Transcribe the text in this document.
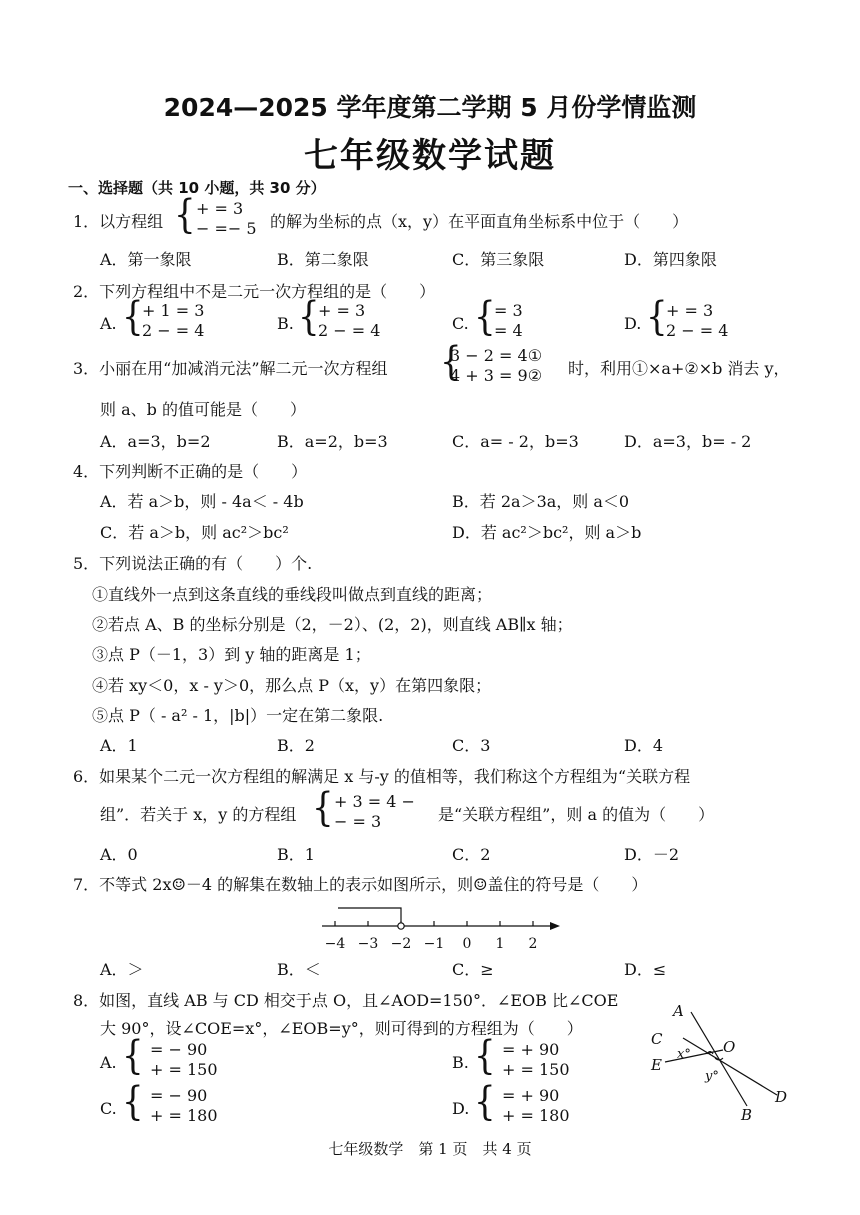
2024—2025 学年度第二学期 5 月份学情监测
七年级数学试题
一、选择题（共 10 小题，共 30 分）
1．以方程组 { + = 3
− =− 5 的解为坐标的点（x，y）在平面直角坐标系中位于（　　）
A．第一象限	B．第二象限	C．第三象限	D．第四象限
2．下列方程组中不是二元一次方程组的是（　　）
A. {
+ 1 = 3
2 − = 4	B. {
+ = 3
2 − = 4	C. {
= 3
= 4	D. {
+ = 3
2 − = 4
3．小丽在用“加减消元法”解二元一次方程组 {
3 − 2 = 4①
4 + 3 = 9② 时，利用①×a+②×b 消去 y，
则 a、b 的值可能是（　　）
A．a=3，b=2	B．a=2，b=3	C．a= - 2，b=3	D．a=3，b= - 2
4．下列判断不正确的是（　　）
A．若 a＞b，则 - 4a＜ - 4b	B．若 2a＞3a，则 a＜0
C．若 a＞b，则 ac²＞bc²	D．若 ac²＞bc²，则 a＞b
5．下列说法正确的有（　　）个.
①直线外一点到这条直线的垂线段叫做点到直线的距离；
②若点 A、B 的坐标分别是（2，－2）、(2，2)，则直线 AB∥x 轴；
③点 P（－1，3）到 y 轴的距离是 1；
④若 xy＜0，x - y＞0，那么点 P（x，y）在第四象限；
⑤点 P（ - a² - 1，|b|）一定在第二象限.
A．1	B．2	C．3	D．4
6．如果某个二元一次方程组的解满足 x 与-y 的值相等，我们称这个方程组为“关联方程
组”．若关于 x，y 的方程组 { + 3 = 4 −
− = 3	是“关联方程组”，则 a 的值为（　　）
A．0	B．1	C．2	D．－2
7．不等式 2x☺－4 的解集在数轴上的表示如图所示，则☺盖住的符号是（　　）
−4 −3 −2 −1 0 1 2
A．＞	B．＜	C．≥	D．≤
8．如图，直线 AB 与 CD 相交于点 O，且∠AOD=150°．∠EOB 比∠COE
大 90°，设∠COE=x°，∠EOB=y°，则可得到的方程组为（　　）
A. { = − 90
+ = 150	B. { = + 90
+ = 150
C. { = − 90
+ = 180	D. { = + 90
+ = 180
A
C
E
O
D
B
x°
y°
七年级数学　第 1 页　共 4 页
